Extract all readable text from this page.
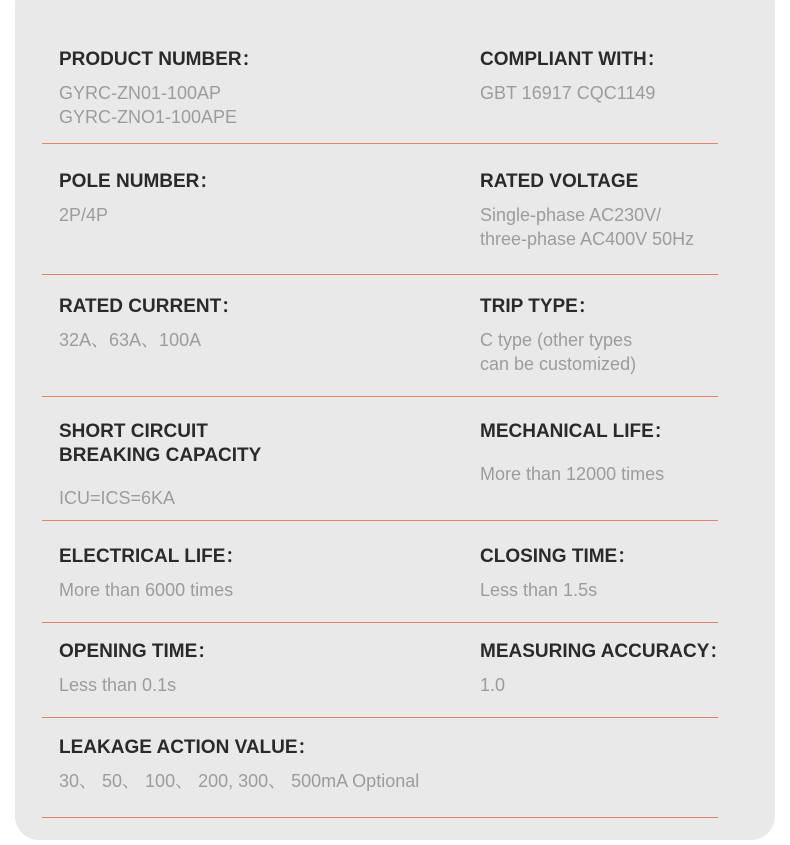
PRODUCT NUMBER：
GYRC-ZN01-100AP
GYRC-ZNO1-100APE
COMPLIANT WITH：
GBT 16917 CQC1149
POLE NUMBER：
2P/4P
RATED VOLTAGE
Single-phase AC230V/
three-phase AC400V 50Hz
RATED CURRENT：
32A、63A、100A
TRIP TYPE：
C type (other types
can be customized)
SHORT CIRCUIT
BREAKING CAPACITY
ICU=ICS=6KA
MECHANICAL LIFE：
More than 12000 times
ELECTRICAL LIFE：
More than 6000 times
CLOSING TIME：
Less than 1.5s
OPENING TIME：
Less than 0.1s
MEASURING ACCURACY：
1.0
LEAKAGE ACTION VALUE：
30、 50、 100、 200, 300、 500mA Optional
